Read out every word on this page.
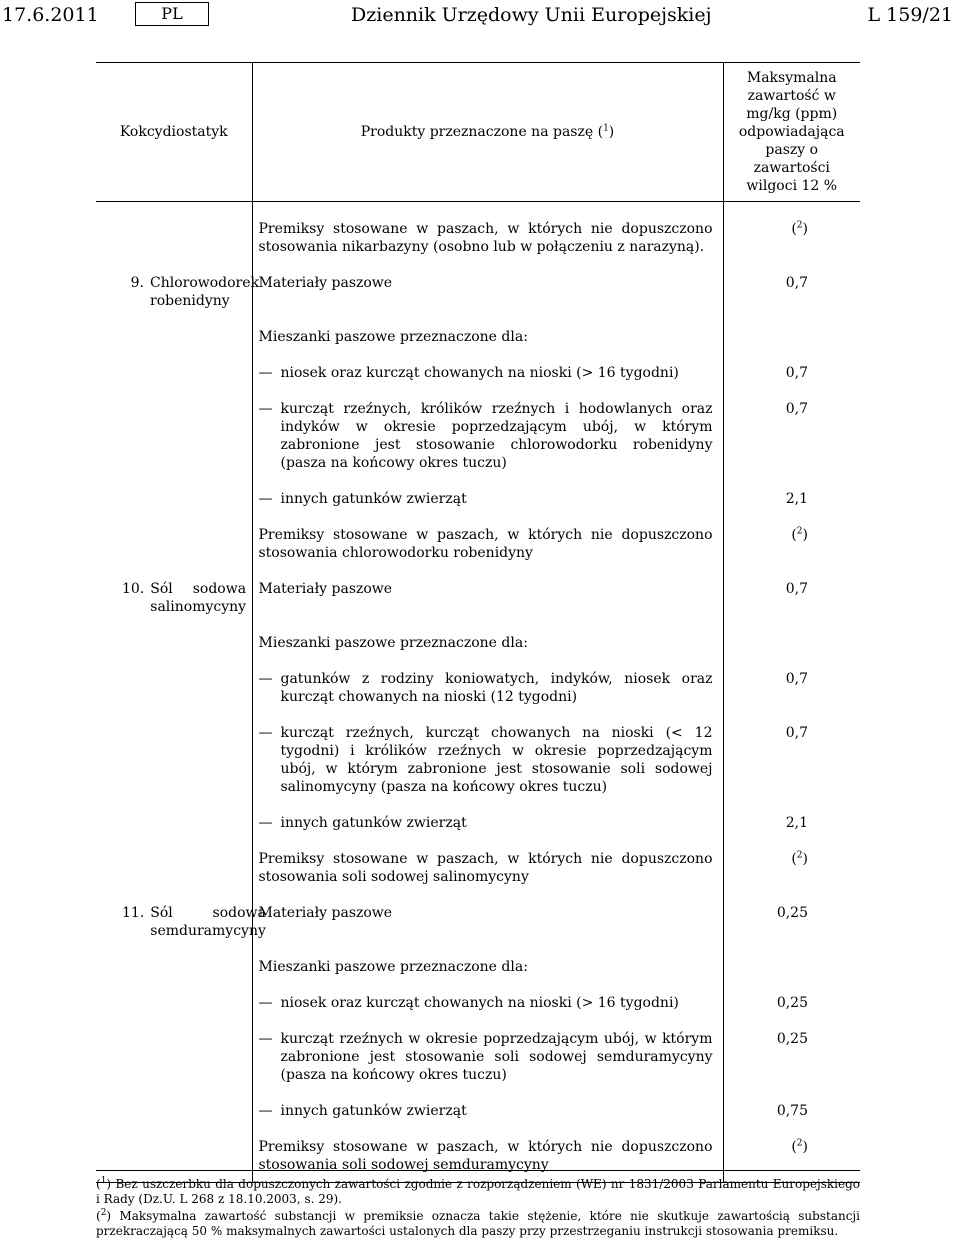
17.6.2011	PL	Dziennik Urzędowy Unii Europejskiej	L 159/21
Kokcydiostatyk	Produkty przeznaczone na paszę ($^1$)	Maksymalna zawartość w mg/kg (ppm) odpowiadająca paszy o zawartości wilgoci 12 %

	Premiksy stosowane w paszach, w których nie dopuszczono stosowania nikarbazyny (osobno lub w połączeniu z narazyną).	($^2$)

9. Chlorowodorek robenidyny	Materiały paszowe	0,7

	Mieszanki paszowe przeznaczone dla:	

	— niosek oraz kurcząt chowanych na nioski (> 16 tygodni)	0,7

	— kurcząt rzeźnych, królików rzeźnych i hodowlanych oraz indyków w okresie poprzedzającym ubój, w którym zabronione jest stosowanie chlorowodorku robenidyny (pasza na końcowy okres tuczu)	0,7

	— innych gatunków zwierząt	2,1

	Premiksy stosowane w paszach, w których nie dopuszczono stosowania chlorowodorku robenidyny	($^2$)

10. Sól sodowa salinomycyny	Materiały paszowe	0,7

	Mieszanki paszowe przeznaczone dla:	

	— gatunków z rodziny koniowatych, indyków, niosek oraz kurcząt chowanych na nioski (12 tygodni)	0,7

	— kurcząt rzeźnych, kurcząt chowanych na nioski (< 12 tygodni) i królików rzeźnych w okresie poprzedzającym ubój, w którym zabronione jest stosowanie soli sodowej salinomycyny (pasza na końcowy okres tuczu)	0,7

	— innych gatunków zwierząt	2,1

	Premiksy stosowane w paszach, w których nie dopuszczono stosowania soli sodowej salinomycyny	($^2$)

11. Sól sodowa semduramycyny	Materiały paszowe	0,25

	Mieszanki paszowe przeznaczone dla:	

	— niosek oraz kurcząt chowanych na nioski (> 16 tygodni)	0,25

	— kurcząt rzeźnych w okresie poprzedzającym ubój, w którym zabronione jest stosowanie soli sodowej semduramycyny (pasza na końcowy okres tuczu)	0,25

	— innych gatunków zwierząt	0,75

	Premiksy stosowane w paszach, w których nie dopuszczono stosowania soli sodowej semduramycyny	($^2$)

($^1$) Bez uszczerbku dla dopuszczonych zawartości zgodnie z rozporządzeniem (WE) nr 1831/2003 Parlamentu Europejskiego i Rady (Dz.U. L 268 z 18.10.2003, s. 29).
($^2$) Maksymalna zawartość substancji w premiksie oznacza takie stężenie, które nie skutkuje zawartością substancji przekraczającą 50 % maksymalnych zawartości ustalonych dla paszy przy przestrzeganiu instrukcji stosowania premiksu.
